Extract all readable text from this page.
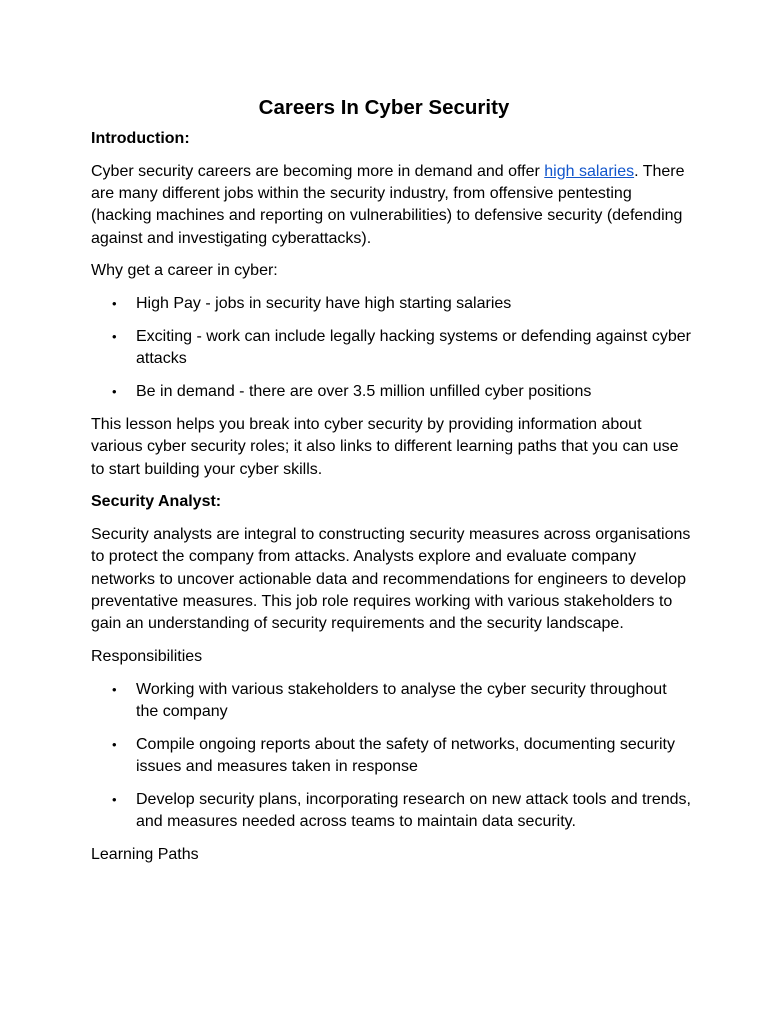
Careers In Cyber Security

Introduction:

Cyber security careers are becoming more in demand and offer high salaries. There are many different jobs within the security industry, from offensive pentesting (hacking machines and reporting on vulnerabilities) to defensive security (defending against and investigating cyberattacks).

Why get a career in cyber:

• High Pay - jobs in security have high starting salaries
• Exciting - work can include legally hacking systems or defending against cyber attacks
• Be in demand - there are over 3.5 million unfilled cyber positions

This lesson helps you break into cyber security by providing information about various cyber security roles; it also links to different learning paths that you can use to start building your cyber skills.

Security Analyst:

Security analysts are integral to constructing security measures across organisations to protect the company from attacks. Analysts explore and evaluate company networks to uncover actionable data and recommendations for engineers to develop preventative measures. This job role requires working with various stakeholders to gain an understanding of security requirements and the security landscape.

Responsibilities

• Working with various stakeholders to analyse the cyber security throughout the company
• Compile ongoing reports about the safety of networks, documenting security issues and measures taken in response
• Develop security plans, incorporating research on new attack tools and trends, and measures needed across teams to maintain data security.

Learning Paths
